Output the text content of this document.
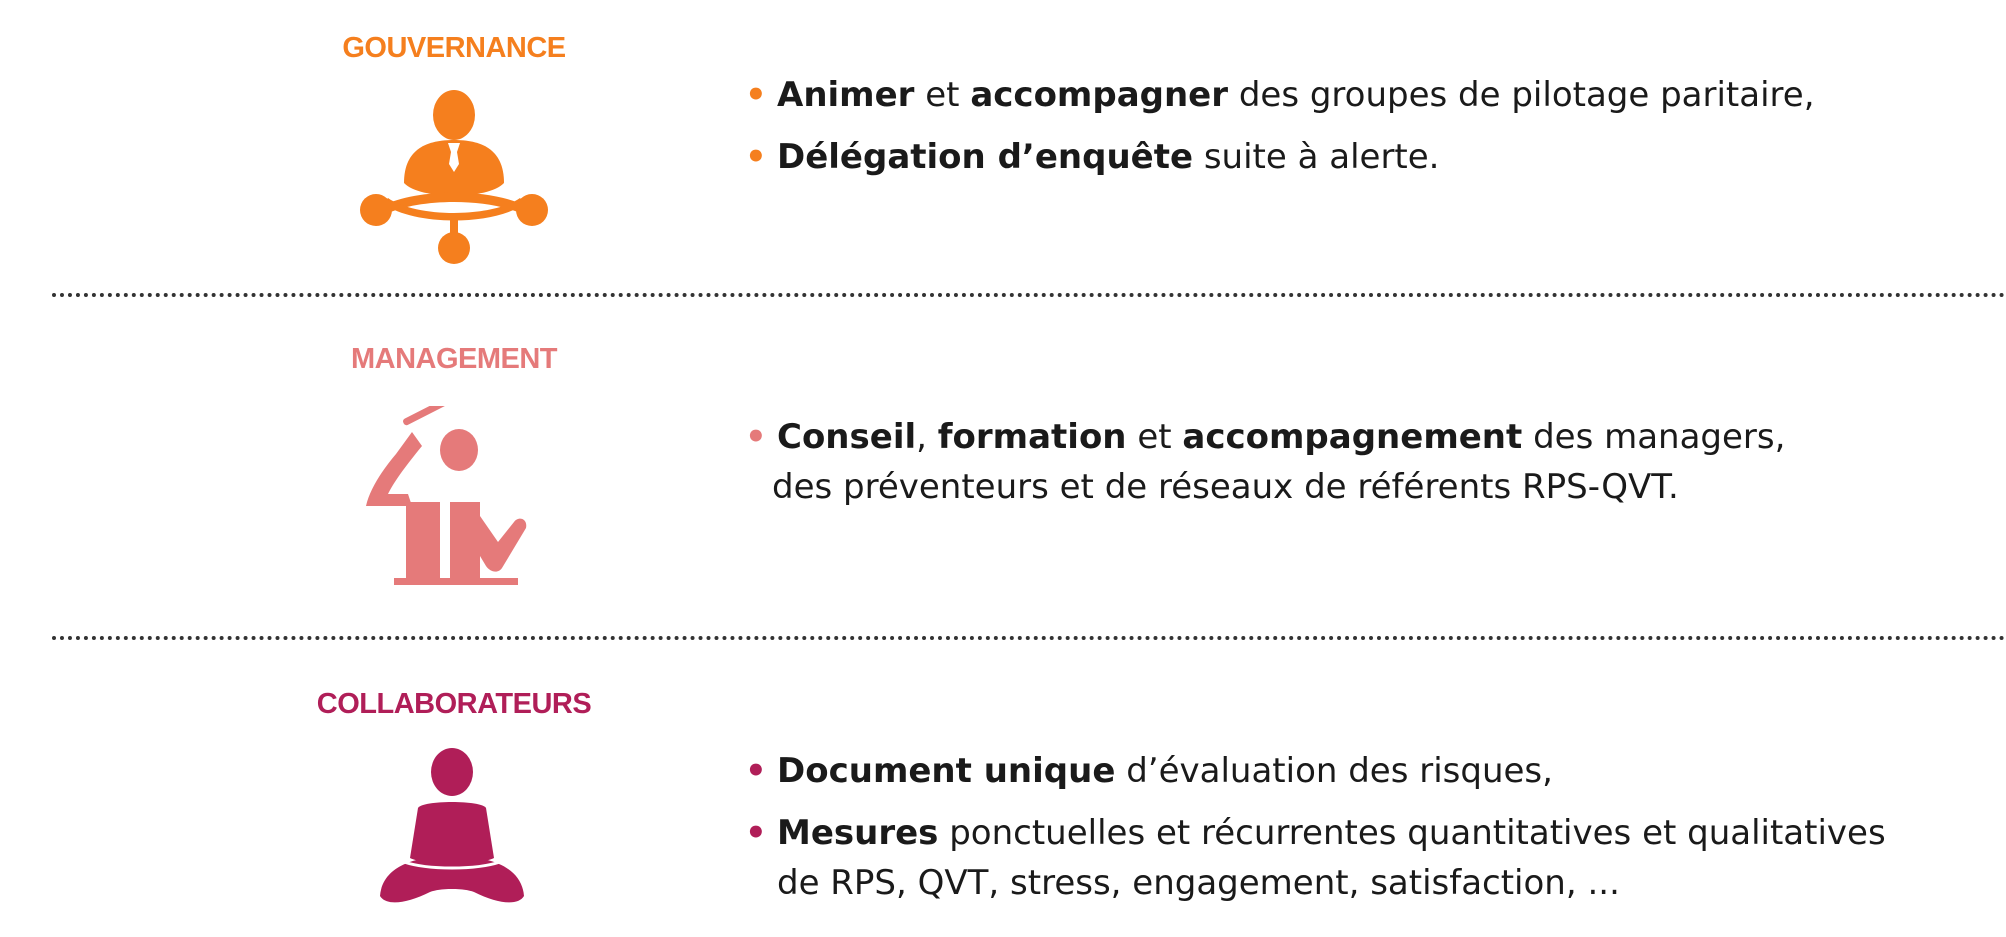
GOUVERNANCE
• Animer et accompagner des groupes de pilotage paritaire,
• Délégation d’enquête suite à alerte.
MANAGEMENT
• Conseil, formation et accompagnement des managers,
des préventeurs et de réseaux de référents RPS-QVT.
COLLABORATEURS
• Document unique d’évaluation des risques,
• Mesures ponctuelles et récurrentes quantitatives et qualitatives
de RPS, QVT, stress, engagement, satisfaction, ...
